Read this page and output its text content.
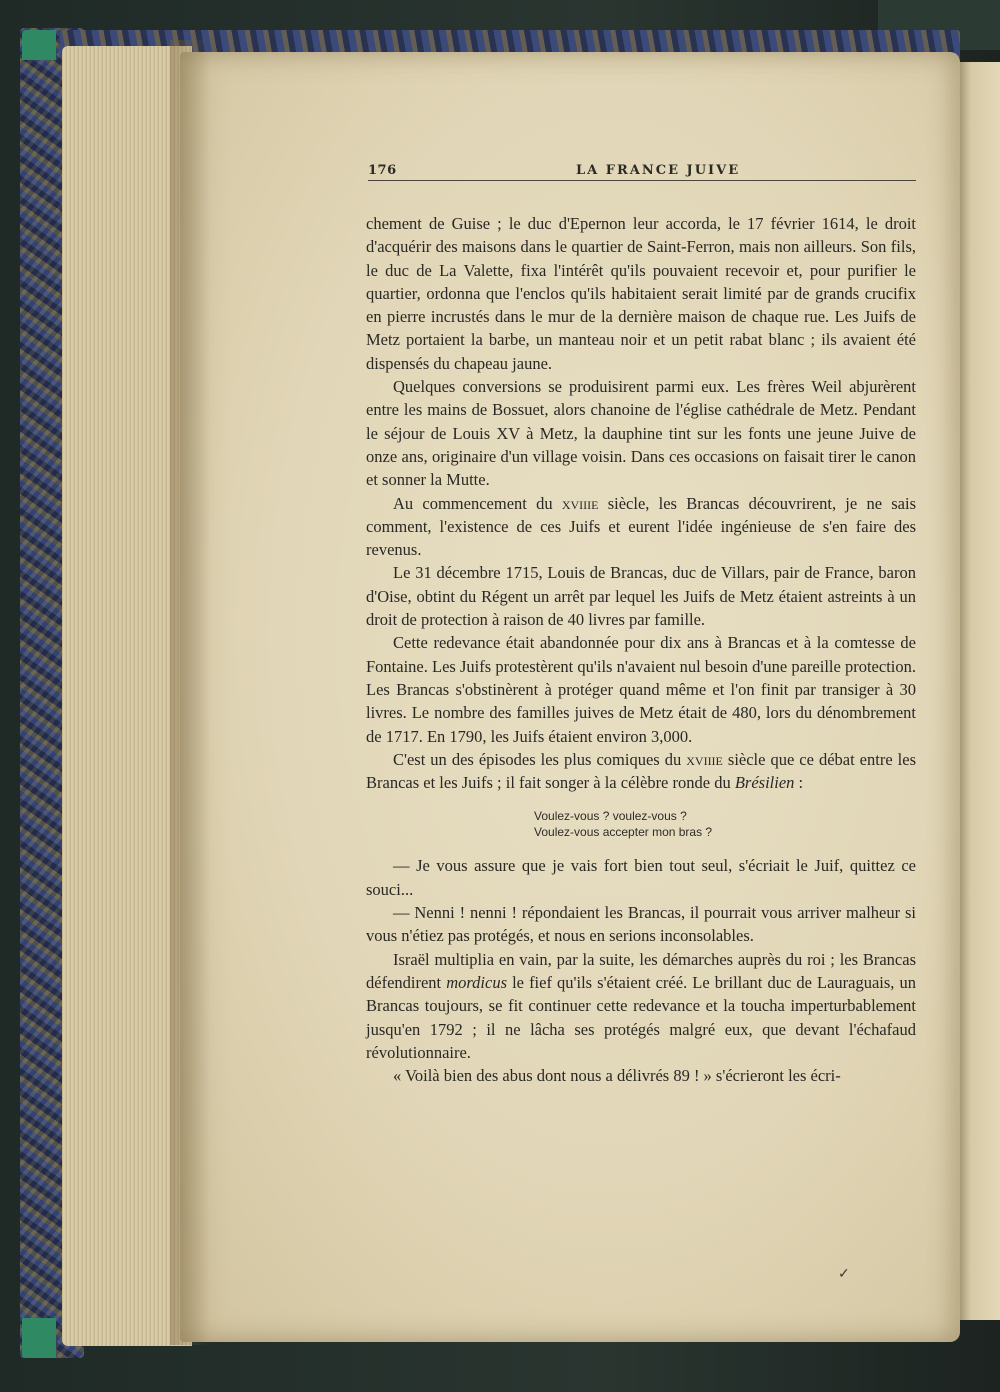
176	LA FRANCE JUIVE

chement de Guise ; le duc d'Epernon leur accorda, le 17 février 1614, le droit d'acquérir des maisons dans le quartier de Saint-Ferron, mais non ailleurs. Son fils, le duc de La Valette, fixa l'intérêt qu'ils pouvaient recevoir et, pour purifier le quartier, ordonna que l'enclos qu'ils habitaient serait limité par de grands crucifix en pierre incrustés dans le mur de la dernière maison de chaque rue. Les Juifs de Metz portaient la barbe, un manteau noir et un petit rabat blanc ; ils avaient été dispensés du chapeau jaune.

Quelques conversions se produisirent parmi eux. Les frères Weil abjurèrent entre les mains de Bossuet, alors chanoine de l'église cathédrale de Metz. Pendant le séjour de Louis XV à Metz, la dauphine tint sur les fonts une jeune Juive de onze ans, originaire d'un village voisin. Dans ces occasions on faisait tirer le canon et sonner la Mutte.

Au commencement du xviiie siècle, les Brancas découvrirent, je ne sais comment, l'existence de ces Juifs et eurent l'idée ingénieuse de s'en faire des revenus.

Le 31 décembre 1715, Louis de Brancas, duc de Villars, pair de France, baron d'Oise, obtint du Régent un arrêt par lequel les Juifs de Metz étaient astreints à un droit de protection à raison de 40 livres par famille.

Cette redevance était abandonnée pour dix ans à Brancas et à la comtesse de Fontaine. Les Juifs protestèrent qu'ils n'avaient nul besoin d'une pareille protection. Les Brancas s'obstinèrent à protéger quand même et l'on finit par transiger à 30 livres. Le nombre des familles juives de Metz était de 480, lors du dénombrement de 1717. En 1790, les Juifs étaient environ 3,000.

C'est un des épisodes les plus comiques du xviiie siècle que ce débat entre les Brancas et les Juifs ; il fait songer à la célèbre ronde du Brésilien :

Voulez-vous ? voulez-vous ?
Voulez-vous accepter mon bras ?

— Je vous assure que je vais fort bien tout seul, s'écriait le Juif, quittez ce souci...

— Nenni ! nenni ! répondaient les Brancas, il pourrait vous arriver malheur si vous n'étiez pas protégés, et nous en serions inconsolables.

Israël multiplia en vain, par la suite, les démarches auprès du roi ; les Brancas défendirent mordicus le fief qu'ils s'étaient créé. Le brillant duc de Lauraguais, un Brancas toujours, se fit continuer cette redevance et la toucha imperturbablement jusqu'en 1792 ; il ne lâcha ses protégés malgré eux, que devant l'échafaud révolutionnaire.

« Voilà bien des abus dont nous a délivrés 89 ! » s'écrieront les écri-

✓
